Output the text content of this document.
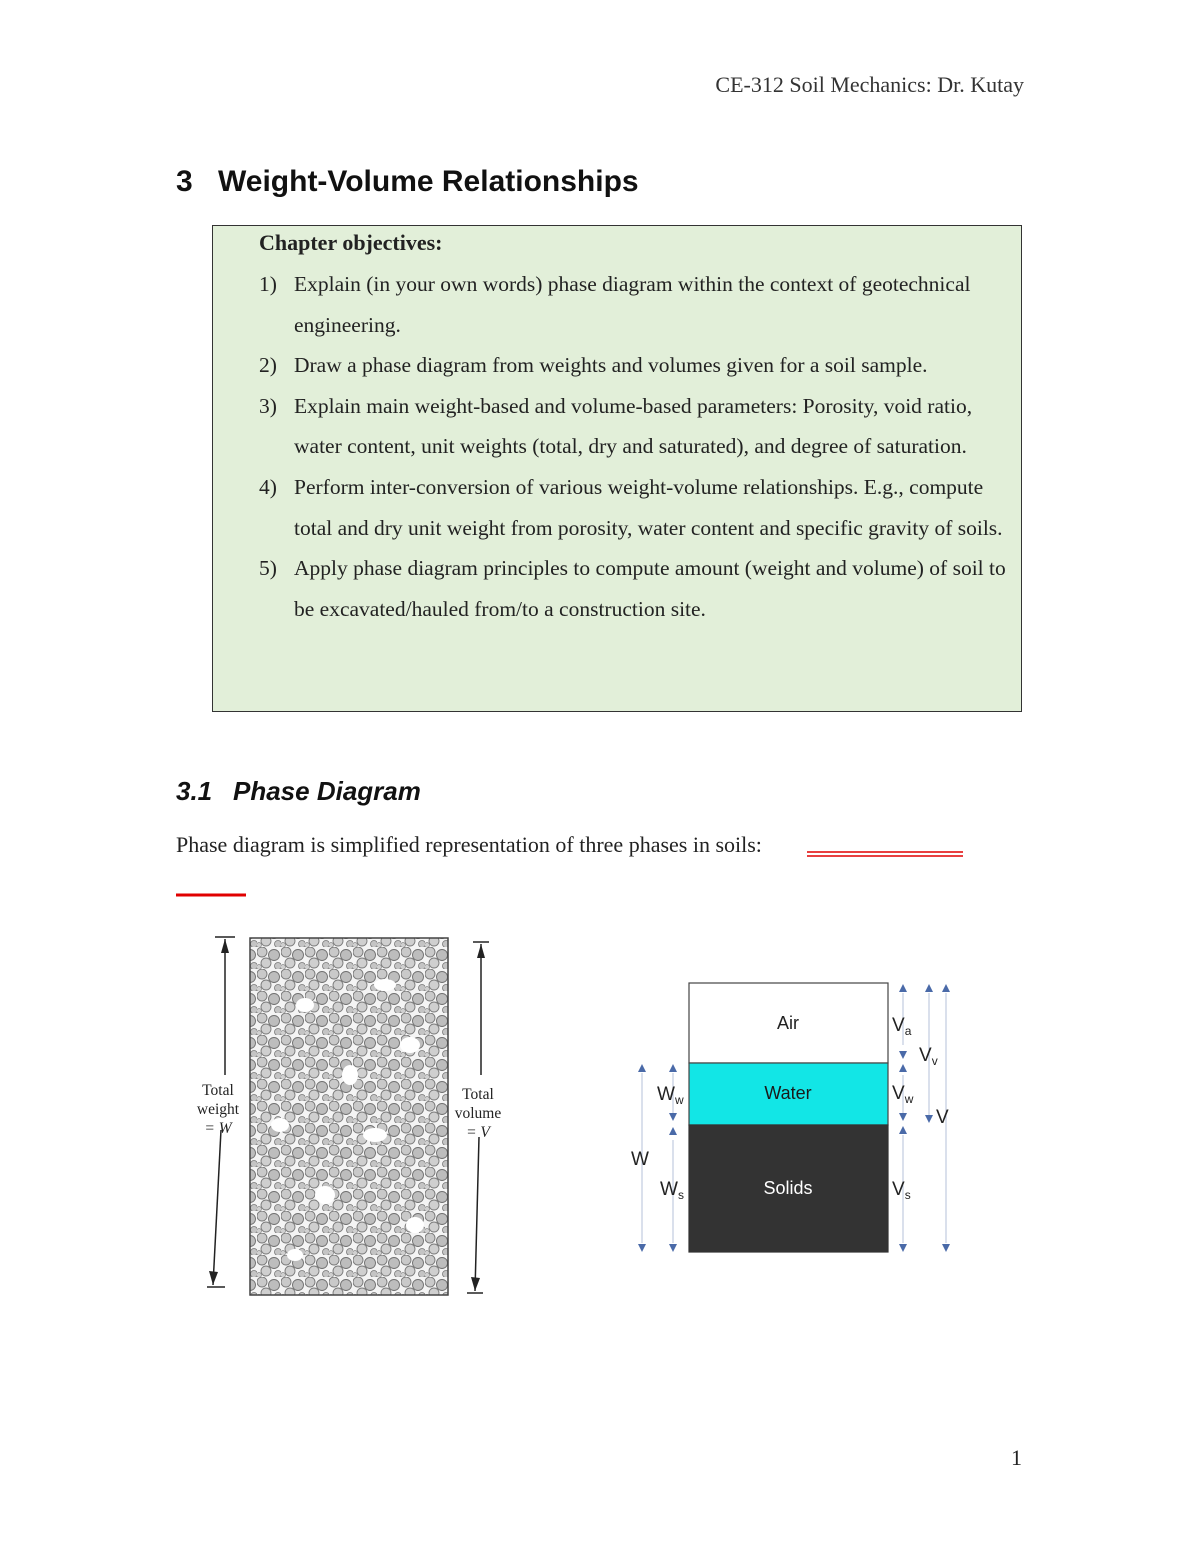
CE-312 Soil Mechanics: Dr. Kutay
3 Weight-Volume Relationships
Chapter objectives:
1) Explain (in your own words) phase diagram within the context of geotechnical engineering.
2) Draw a phase diagram from weights and volumes given for a soil sample.
3) Explain main weight-based and volume-based parameters: Porosity, void ratio, water content, unit weights (total, dry and saturated), and degree of saturation.
4) Perform inter-conversion of various weight-volume relationships. E.g., compute total and dry unit weight from porosity, water content and specific gravity of soils.
5) Apply phase diagram principles to compute amount (weight and volume) of soil to be excavated/hauled from/to a construction site.
3.1 Phase Diagram
Phase diagram is simplified representation of three phases in soils:
Total
weight
= W
Total
volume
= V
Air
Water
Solids
$V_a$
$V_v$
$V_w$
V
$V_s$
$W_w$
W
$W_s$
1
